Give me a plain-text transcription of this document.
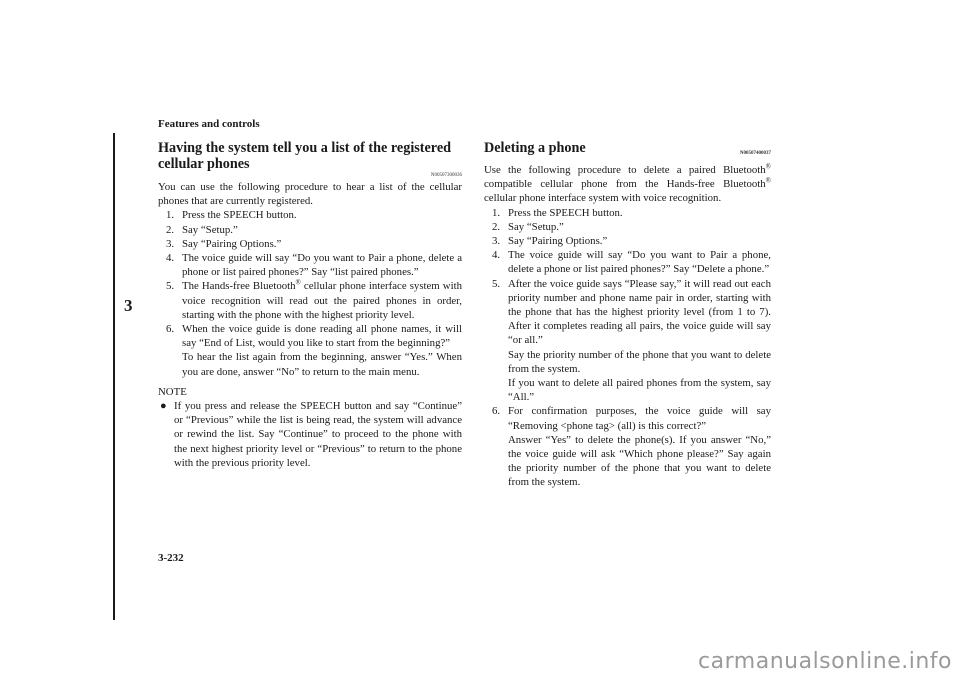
Features and controls
3
Having the system tell you a list of the registered cellular phones
N00507300036

You can use the following procedure to hear a list of the cellular phones that are currently registered.

1. Press the SPEECH button.
2. Say “Setup.”
3. Say “Pairing Options.”
4. The voice guide will say “Do you want to Pair a phone, delete a phone or list paired phones?” Say “list paired phones.”
5. The Hands-free Bluetooth® cellular phone interface system with voice recognition will read out the paired phones in order, starting with the phone with the highest priority level.
6. When the voice guide is done reading all phone names, it will say “End of List, would you like to start from the beginning?”
To hear the list again from the beginning, answer “Yes.” When you are done, answer “No” to return to the main menu.
NOTE
● If you press and release the SPEECH button and say “Continue” or “Previous” while the list is being read, the system will advance or rewind the list. Say “Continue” to proceed to the phone with the next highest priority level or “Previous” to return to the phone with the previous priority level.
Deleting a phone	N00507400037

Use the following procedure to delete a paired Bluetooth® compatible cellular phone from the Hands-free Bluetooth® cellular phone interface system with voice recognition.

1. Press the SPEECH button.
2. Say “Setup.”
3. Say “Pairing Options.”
4. The voice guide will say “Do you want to Pair a phone, delete a phone or list paired phones?” Say “Delete a phone.”
5. After the voice guide says “Please say,” it will read out each priority number and phone name pair in order, starting with the phone that has the highest priority level (from 1 to 7). After it completes reading all pairs, the voice guide will say “or all.”
Say the priority number of the phone that you want to delete from the system.
If you want to delete all paired phones from the system, say “All.”
6. For confirmation purposes, the voice guide will say “Removing <phone tag> (all) is this correct?”
Answer “Yes” to delete the phone(s). If you answer “No,” the voice guide will ask “Which phone please?” Say again the priority number of the phone that you want to delete from the system.
3-232
carmanualsonline.info
